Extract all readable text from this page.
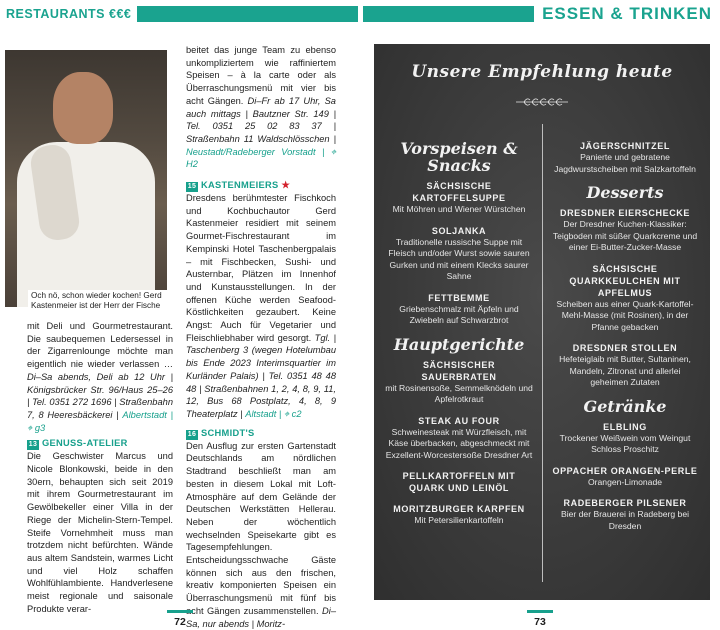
RESTAURANTS €€€
Och nö, schon wieder kochen! Gerd Kastenmeier ist der Herr der Fische

mit Deli und Gourmetrestaurant. Die saubequemen Ledersessel in der Zigarrenlounge möchte man eigentlich nie wieder verlassen … Di–Sa abends, Deli ab 12 Uhr | Königsbrücker Str. 96/Haus 25–26 | Tel. 0351 272 1696 | Straßenbahn 7, 8 Heeresbäckerei | Albertstadt | ⌖ g3

13 GENUSS-ATELIER

Die Geschwister Marcus und Nicole Blonkowski, beide in den 30ern, behaupten sich seit 2019 mit ihrem Gourmetrestaurant im Gewölbekeller einer Villa in der Riege der Michelin-Stern-Tempel. Steife Vornehmheit muss man trotzdem nicht befürchten. Wände aus altem Sandstein, warmes Licht und viel Holz schaffen Wohlfühlambiente. Handverlesene meist regionale und saisonale Produkte verar-

beitet das junge Team zu ebenso unkompliziertem wie raffiniertem Speisen – à la carte oder als Überraschungsmenü mit vier bis acht Gängen. Di–Fr ab 17 Uhr, Sa auch mittags | Bautzner Str. 149 | Tel. 0351 25 02 83 37 | Straßenbahn 11 Waldschlösschen | Neustadt/Radeberger Vorstadt | ⌖ H2

15 KASTENMEIERS ★

Dresdens berühmtester Fischkoch und Kochbuchautor Gerd Kastenmeier residiert mit seinem Gourmet-Fischrestaurant im Kempinski Hotel Taschenbergpalais – mit Fischbecken, Sushi- und Austernbar, Plätzen im Innenhof und Kunstausstellungen. In der offenen Küche werden Seafood-Köstlichkeiten gezaubert. Keine Angst: Auch für Vegetarier und Fleischliebhaber wird gesorgt. Tgl. | Taschenberg 3 (wegen Hotelumbau bis Ende 2023 Interimsquartier im Kurländer Palais) | Tel. 0351 48 48 48 | Straßenbahnen 1, 2, 4, 8, 9, 11, 12, Bus 68 Postplatz, 4, 8, 9 Theaterplatz | Altstadt | ⌖ c2

16 SCHMIDT'S

Den Ausflug zur ersten Gartenstadt Deutschlands am nördlichen Stadtrand beschließt man am besten in diesem Lokal mit Loft-Atmosphäre auf dem Gelände der Deutschen Werkstätten Hellerau. Neben der wöchentlich wechselnden Speisekarte gibt es Tagesempfehlungen. Entscheidungsschwache Gäste können sich aus den frischen, kreativ komponierten Speisen ein Überraschungsmenü mit fünf bis acht Gängen zusammenstellen. Di–Sa, nur abends | Moritz-

72
ESSEN & TRINKEN
Unsere Empfehlung heute
Vorspeisen & Snacks
SÄCHSISCHE KARTOFFELSUPPE
Mit Möhren und Wiener Würstchen
SOLJANKA
Traditionelle russische Suppe mit Fleisch und/oder Wurst sowie sauren Gurken und mit einem Klecks saurer Sahne
FETTBEMME
Griebenschmalz mit Äpfeln und Zwiebeln auf Schwarzbrot
Hauptgerichte
SÄCHSISCHER SAUERBRATEN
mit Rosinensoße, Semmelknödeln und Apfelrotkraut
STEAK AU FOUR
Schweinesteak mit Würzfleisch, mit Käse überbacken, abgeschmeckt mit Exzellent-Worcestersoße Dresdner Art
PELLKARTOFFELN MIT QUARK UND LEINÖL
MORITZBURGER KARPFEN
Mit Petersilienkartoffeln
JÄGERSCHNITZEL
Panierte und gebratene Jagdwurstscheiben mit Salzkartoffeln
Desserts
DRESDNER EIERSCHECKE
Der Dresdner Kuchen-Klassiker: Teigboden mit süßer Quarkcreme und einer Ei-Butter-Zucker-Masse
SÄCHSISCHE QUARKKEULCHEN MIT APFELMUS
Scheiben aus einer Quark-Kartoffel-Mehl-Masse (mit Rosinen), in der Pfanne gebacken
DRESDNER STOLLEN
Hefeteiglaib mit Butter, Sultaninen, Mandeln, Zitronat und allerlei geheimen Zutaten
Getränke
ELBLING
Trockener Weißwein vom Weingut Schloss Proschitz
OPPACHER ORANGEN-PERLE
Orangen-Limonade
RADEBERGER PILSENER
Bier der Brauerei in Radeberg bei Dresden
73
